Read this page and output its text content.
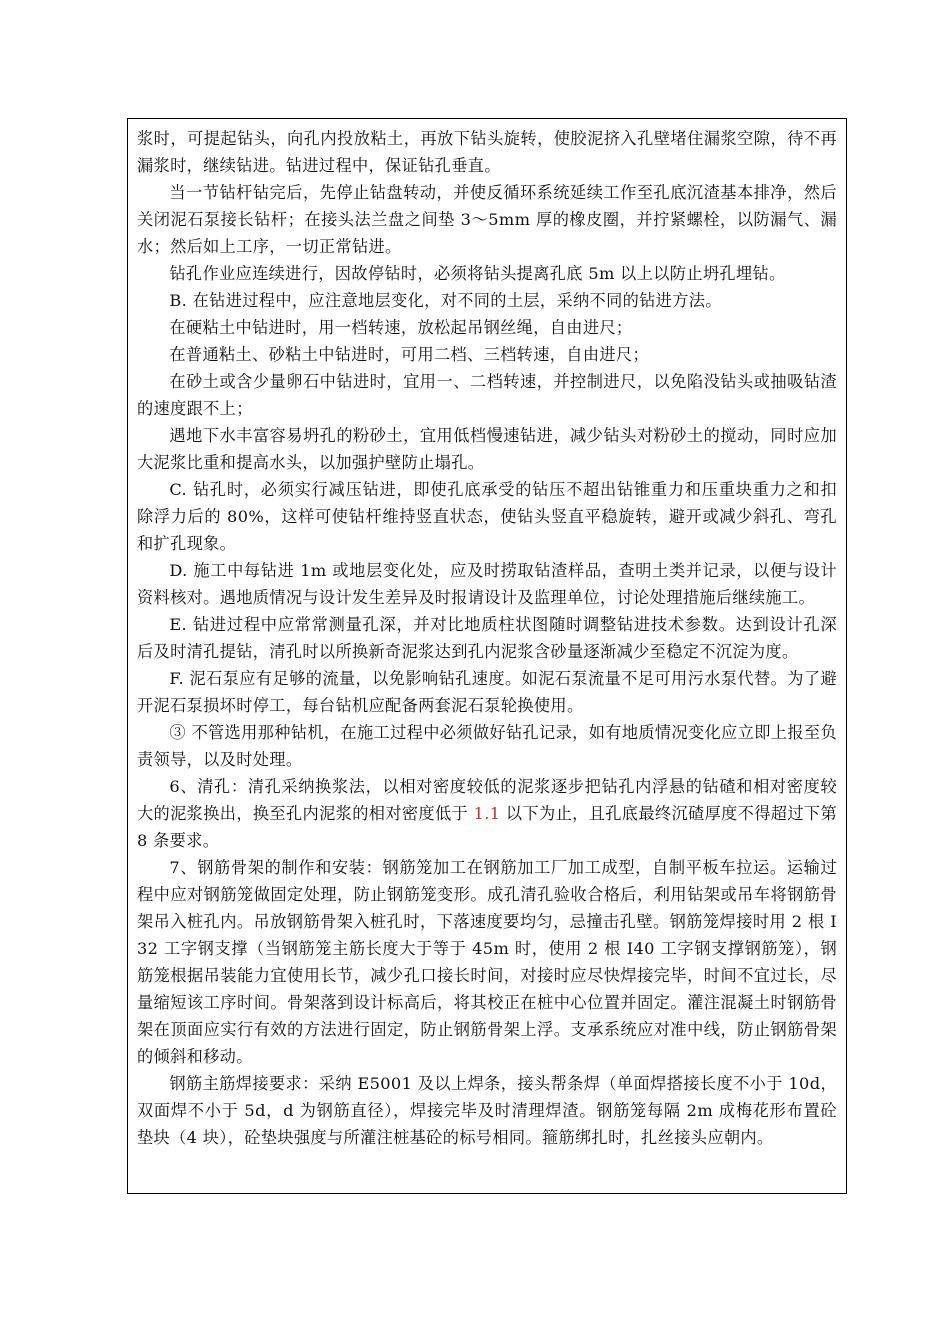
浆时，可提起钻头，向孔内投放粘土，再放下钻头旋转，使胶泥挤入孔壁堵住漏浆空隙，待不再漏浆时，继续钻进。钻进过程中，保证钻孔垂直。

当一节钻杆钻完后，先停止钻盘转动，并使反循环系统延续工作至孔底沉渣基本排净，然后关闭泥石泵接长钻杆；在接头法兰盘之间垫 3～5mm 厚的橡皮圈，并拧紧螺栓，以防漏气、漏水；然后如上工序，一切正常钻进。

钻孔作业应连续进行，因故停钻时，必须将钻头提离孔底 5m 以上以防止坍孔埋钻。

B. 在钻进过程中，应注意地层变化，对不同的土层，采纳不同的钻进方法。

在硬粘土中钻进时，用一档转速，放松起吊钢丝绳，自由进尺；

在普通粘土、砂粘土中钻进时，可用二档、三档转速，自由进尺；

在砂土或含少量卵石中钻进时，宜用一、二档转速，并控制进尺，以免陷没钻头或抽吸钻渣的速度跟不上；

遇地下水丰富容易坍孔的粉砂土，宜用低档慢速钻进，减少钻头对粉砂土的搅动，同时应加大泥浆比重和提高水头，以加强护壁防止塌孔。

C. 钻孔时，必须实行减压钻进，即使孔底承受的钻压不超出钻锥重力和压重块重力之和扣除浮力后的 80%，这样可使钻杆维持竖直状态，使钻头竖直平稳旋转，避开或减少斜孔、弯孔和扩孔现象。

D. 施工中每钻进 1m 或地层变化处，应及时捞取钻渣样品，查明土类并记录，以便与设计资料核对。遇地质情况与设计发生差异及时报请设计及监理单位，讨论处理措施后继续施工。

E. 钻进过程中应常常测量孔深，并对比地质柱状图随时调整钻进技术参数。达到设计孔深后及时清孔提钻，清孔时以所换新奇泥浆达到孔内泥浆含砂量逐渐减少至稳定不沉淀为度。

F. 泥石泵应有足够的流量，以免影响钻孔速度。如泥石泵流量不足可用污水泵代替。为了避开泥石泵损坏时停工，每台钻机应配备两套泥石泵轮换使用。

③ 不管选用那种钻机，在施工过程中必须做好钻孔记录，如有地质情况变化应立即上报至负责领导，以及时处理。

6、清孔：清孔采纳换浆法，以相对密度较低的泥浆逐步把钻孔内浮悬的钻碴和相对密度较大的泥浆换出，换至孔内泥浆的相对密度低于 1.1 以下为止，且孔底最终沉碴厚度不得超过下第 8 条要求。

7、钢筋骨架的制作和安装：钢筋笼加工在钢筋加工厂加工成型，自制平板车拉运。运输过程中应对钢筋笼做固定处理，防止钢筋笼变形。成孔清孔验收合格后，利用钻架或吊车将钢筋骨架吊入桩孔内。吊放钢筋骨架入桩孔时，下落速度要均匀，忌撞击孔壁。钢筋笼焊接时用 2 根 I32 工字钢支撑（当钢筋笼主筋长度大于等于 45m 时，使用 2 根 I40 工字钢支撑钢筋笼），钢筋笼根据吊装能力宜使用长节，减少孔口接长时间，对接时应尽快焊接完毕，时间不宜过长，尽量缩短该工序时间。骨架落到设计标高后，将其校正在桩中心位置并固定。灌注混凝土时钢筋骨架在顶面应实行有效的方法进行固定，防止钢筋骨架上浮。支承系统应对准中线，防止钢筋骨架的倾斜和移动。

钢筋主筋焊接要求：采纳 E5001 及以上焊条，接头帮条焊（单面焊搭接长度不小于 10d，双面焊不小于 5d，d 为钢筋直径），焊接完毕及时清理焊渣。钢筋笼每隔 2m 成梅花形布置砼垫块（4 块），砼垫块强度与所灌注桩基砼的标号相同。箍筋绑扎时，扎丝接头应朝内。
